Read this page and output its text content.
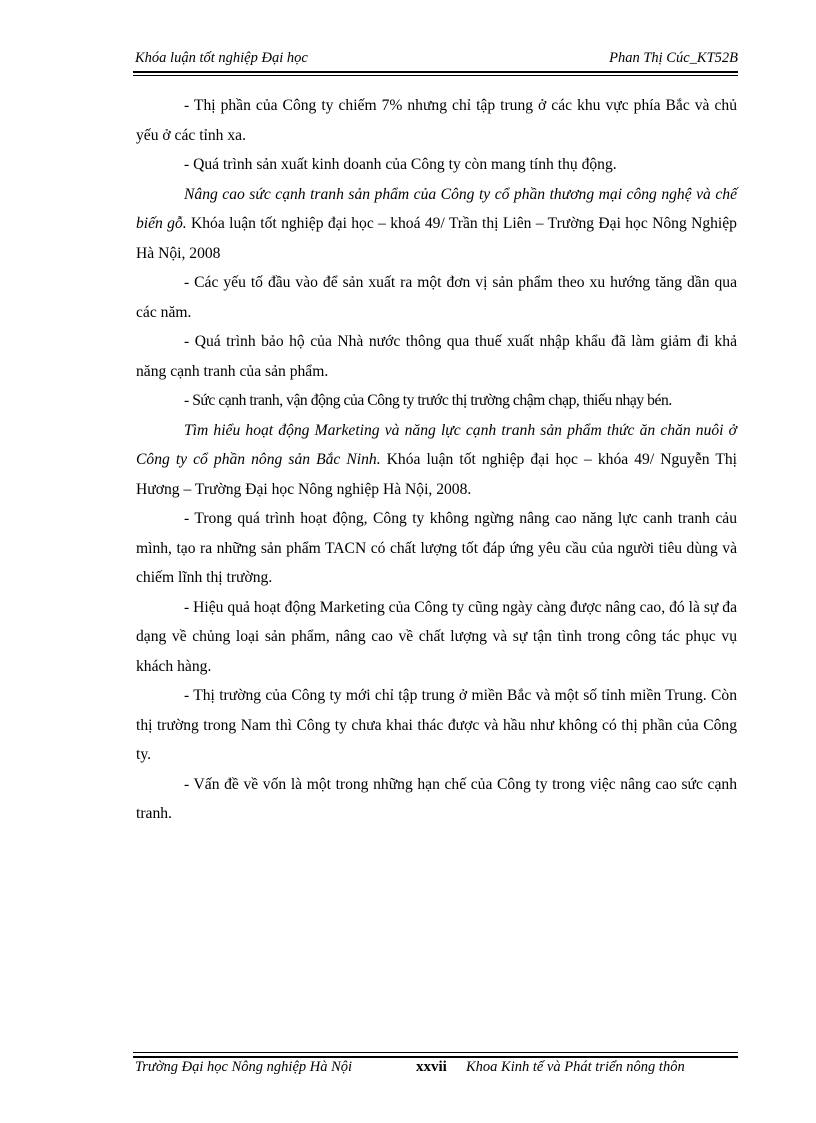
Khóa luận tốt nghiệp Đại học	Phan Thị Cúc_KT52B

- Thị phần của Công ty chiếm 7% nhưng chỉ tập trung ở các khu vực phía Bắc và chủ yếu ở các tỉnh xa.

- Quá trình sản xuất kinh doanh của Công ty còn mang tính thụ động.

Nâng cao sức cạnh tranh sản phẩm của Công ty cổ phần thương mại công nghệ và chế biến gỗ. Khóa luận tốt nghiệp đại học – khoá 49/ Trần thị Liên – Trường Đại học Nông Nghiệp Hà Nội, 2008

- Các yếu tố đầu vào để sản xuất ra một đơn vị sản phẩm theo xu hướng tăng dần qua các năm.

- Quá trình bảo hộ của Nhà nước thông qua thuế xuất nhập khẩu đã làm giảm đi khả năng cạnh tranh của sản phẩm.

- Sức cạnh tranh, vận động của Công ty trước thị trường chậm chạp, thiếu nhạy bén.

Tìm hiểu hoạt động Marketing và năng lực cạnh tranh sản phẩm thức ăn chăn nuôi ở Công ty cổ phần nông sản Bắc Ninh. Khóa luận tốt nghiệp đại học – khóa 49/ Nguyễn Thị Hương – Trường Đại học Nông nghiệp Hà Nội, 2008.

- Trong quá trình hoạt động, Công ty không ngừng nâng cao năng lực canh tranh cảu mình, tạo ra những sản phẩm TACN có chất lượng tốt đáp ứng yêu cầu của người tiêu dùng và chiếm lĩnh thị trường.

- Hiệu quả hoạt động Marketing của Công ty cũng ngày càng được nâng cao, đó là sự đa dạng về chủng loại sản phẩm, nâng cao về chất lượng và sự tận tình trong công tác phục vụ khách hàng.

- Thị trường của Công ty mới chỉ tập trung ở miền Bắc và một số tỉnh miền Trung. Còn thị trường trong Nam thì Công ty chưa khai thác được và hầu như không có thị phần của Công ty.

- Vấn đề về vốn là một trong những hạn chế của Công ty trong việc nâng cao sức cạnh tranh.

Trường Đại học Nông nghiệp Hà Nội	xxvii Khoa Kinh tế và Phát triển nông thôn
